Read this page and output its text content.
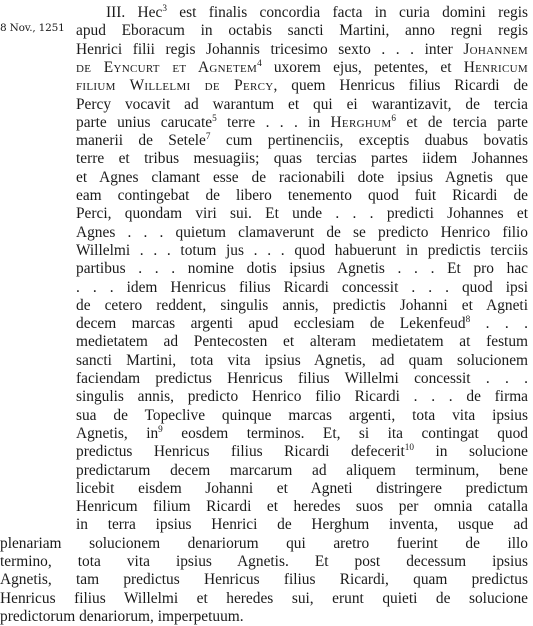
8 Nov., 1251
III. Hec$^3$ est finalis concordia facta in curia domini regis
apud Eboracum in octabis sancti Martini, anno regni regis
Henrici filii regis Johannis tricesimo sexto . . . inter Johannem
de Eyncurt et Agnetem$^4$ uxorem ejus, petentes, et Henricum
filium Willelmi de Percy, quem Henricus filius Ricardi de
Percy vocavit ad warantum et qui ei warantizavit, de tercia
parte unius carucate$^5$ terre . . . in Herghum$^6$ et de tercia parte
manerii de Setele$^7$ cum pertinenciis, exceptis duabus bovatis
terre et tribus mesuagiis; quas tercias partes iidem Johannes
et Agnes clamant esse de racionabili dote ipsius Agnetis que
eam contingebat de libero tenemento quod fuit Ricardi de
Perci, quondam viri sui. Et unde . . . predicti Johannes et
Agnes . . . quietum clamaverunt de se predicto Henrico filio
Willelmi . . . totum jus . . . quod habuerunt in predictis terciis
partibus . . . nomine dotis ipsius Agnetis . . . Et pro hac
. . . idem Henricus filius Ricardi concessit . . . quod ipsi
de cetero reddent, singulis annis, predictis Johanni et Agneti
decem marcas argenti apud ecclesiam de Lekenfeud$^8$ . . .
medietatem ad Pentecosten et alteram medietatem at festum
sancti Martini, tota vita ipsius Agnetis, ad quam solucionem
faciendam predictus Henricus filius Willelmi concessit . . .
singulis annis, predicto Henrico filio Ricardi . . . de firma
sua de Topeclive quinque marcas argenti, tota vita ipsius
Agnetis, $in^9$ eosdem terminos. Et, si ita contingat quod
predictus Henricus filius Ricardi defecerit$^{10}$ in solucione
predictarum decem marcarum ad aliquem terminum, bene
licebit eisdem Johanni et Agneti distringere predictum
Henricum filium Ricardi et heredes suos per omnia catalla
in terra ipsius Henrici de Herghum inventa, usque ad
plenariam solucionem denariorum qui aretro fuerint de illo
termino, tota vita ipsius Agnetis. Et post decessum ipsius
Agnetis, tam predictus Henricus filius Ricardi, quam predictus
Henricus filius Willelmi et heredes sui, erunt quieti de solucione
predictorum denariorum, imperpetuum.
